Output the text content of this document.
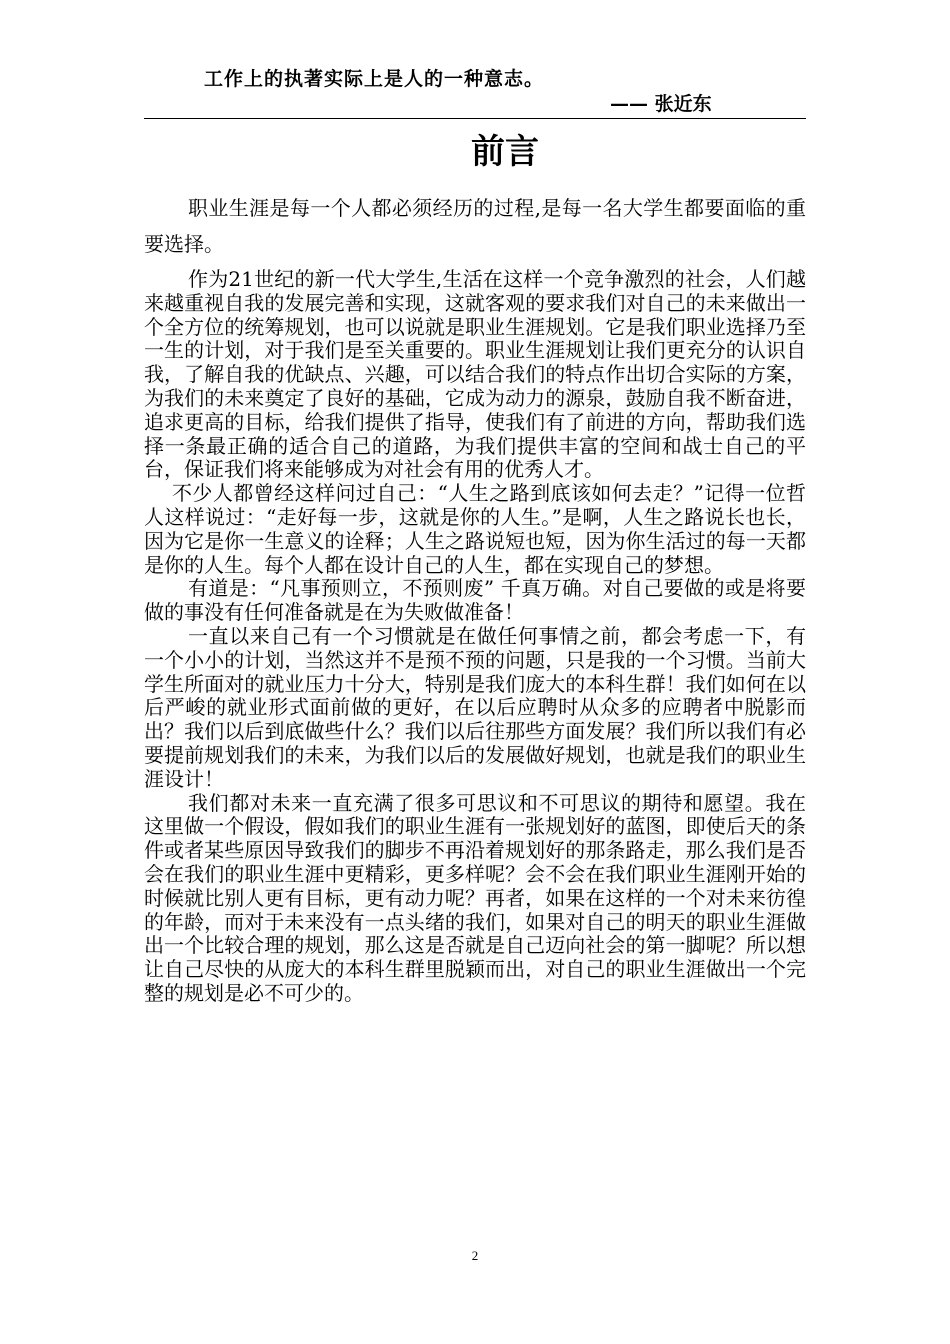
工作上的执著实际上是人的一种意志。
—— 张近东
前言

职业生涯是每一个人都必须经历的过程,是每一名大学生都要面临的重要选择。

作为21世纪的新一代大学生,生活在这样一个竞争激烈的社会，人们越来越重视自我的发展完善和实现，这就客观的要求我们对自己的未来做出一个全方位的统筹规划，也可以说就是职业生涯规划。它是我们职业选择乃至一生的计划，对于我们是至关重要的。职业生涯规划让我们更充分的认识自我，了解自我的优缺点、兴趣，可以结合我们的特点作出切合实际的方案，为我们的未来奠定了良好的基础，它成为动力的源泉，鼓励自我不断奋进，追求更高的目标，给我们提供了指导，使我们有了前进的方向，帮助我们选择一条最正确的适合自己的道路，为我们提供丰富的空间和战士自己的平台，保证我们将来能够成为对社会有用的优秀人才。

不少人都曾经这样问过自己：“人生之路到底该如何去走？”记得一位哲人这样说过：“走好每一步，这就是你的人生。”是啊，人生之路说长也长，因为它是你一生意义的诠释；人生之路说短也短，因为你生活过的每一天都是你的人生。每个人都在设计自己的人生，都在实现自己的梦想。

有道是：“凡事预则立，不预则废” 千真万确。对自己要做的或是将要做的事没有任何准备就是在为失败做准备！

一直以来自己有一个习惯就是在做任何事情之前，都会考虑一下，有一个小小的计划，当然这并不是预不预的问题，只是我的一个习惯。当前大学生所面对的就业压力十分大，特别是我们庞大的本科生群！我们如何在以后严峻的就业形式面前做的更好，在以后应聘时从众多的应聘者中脱影而出？我们以后到底做些什么？我们以后往那些方面发展？我们所以我们有必要提前规划我们的未来，为我们以后的发展做好规划，也就是我们的职业生涯设计！

我们都对未来一直充满了很多可思议和不可思议的期待和愿望。我在这里做一个假设，假如我们的职业生涯有一张规划好的蓝图，即使后天的条件或者某些原因导致我们的脚步不再沿着规划好的那条路走，那么我们是否会在我们的职业生涯中更精彩，更多样呢？会不会在我们职业生涯刚开始的时候就比别人更有目标，更有动力呢？再者，如果在这样的一个对未来彷徨的年龄，而对于未来没有一点头绪的我们，如果对自己的明天的职业生涯做出一个比较合理的规划，那么这是否就是自己迈向社会的第一脚呢？所以想让自己尽快的从庞大的本科生群里脱颖而出，对自己的职业生涯做出一个完整的规划是必不可少的。

2
